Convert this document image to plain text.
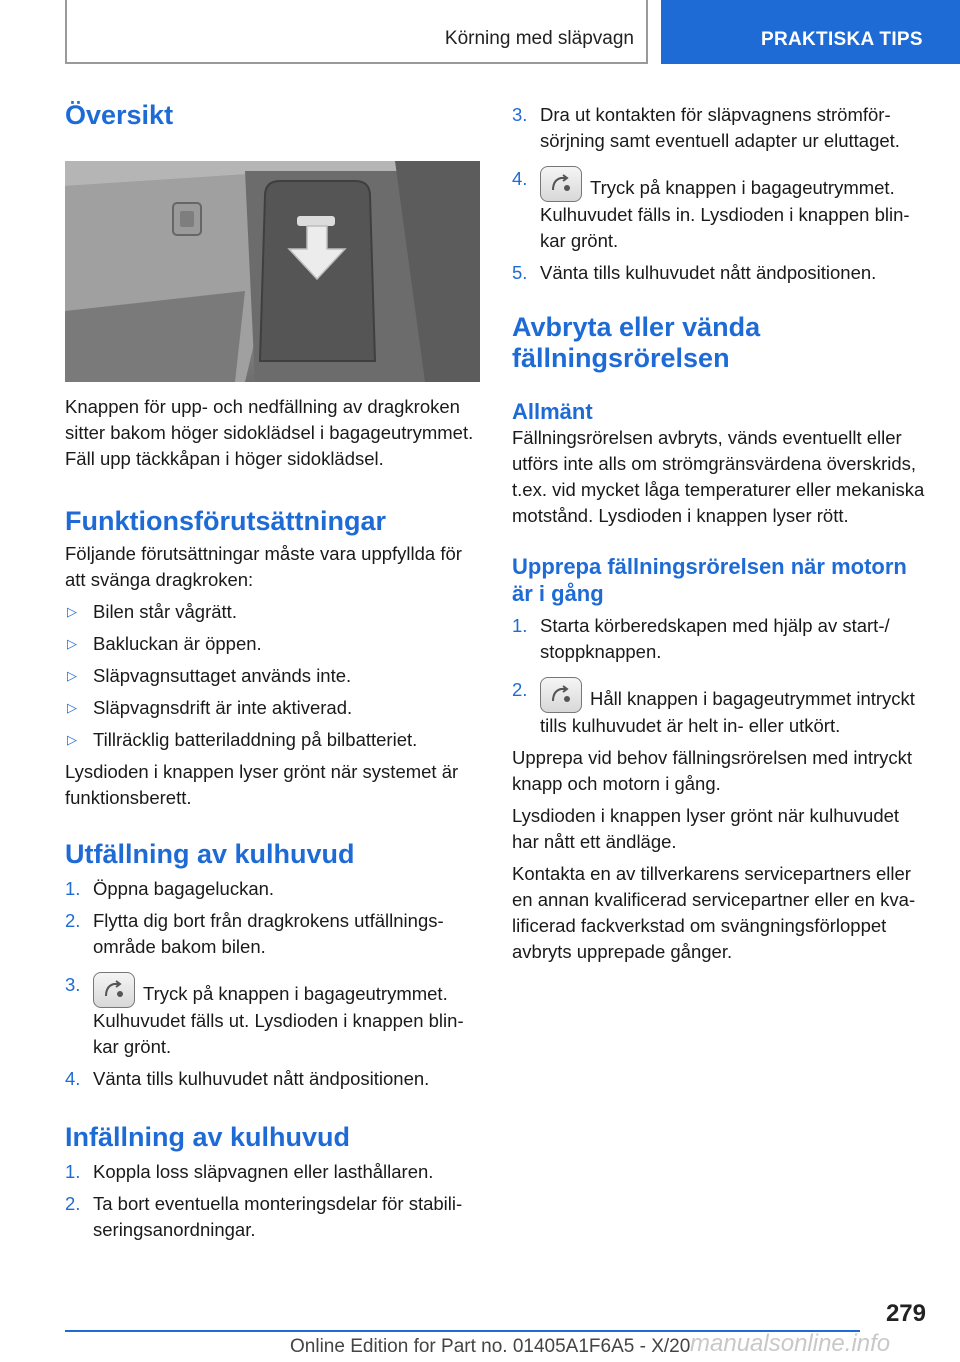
Körning med släpvagn	PRAKTISKA TIPS
Översikt

Knappen för upp- och nedfällning av dragkroken sitter bakom höger sidoklädsel i bagageutrymmet. Fäll upp täckkåpan i höger sidoklädsel.

Funktionsförutsättningar

Följande förutsättningar måste vara uppfyllda för att svänga dragkroken:

▷ Bilen står vågrätt.
▷ Bakluckan är öppen.
▷ Släpvagnsuttaget används inte.
▷ Släpvagnsdrift är inte aktiverad.
▷ Tillräcklig batteriladdning på bilbatteriet.

Lysdioden i knappen lyser grönt när systemet är funktionsberett.

Utfällning av kulhuvud
1. Öppna bagageluckan.
2. Flytta dig bort från dragkrokens utfällningsområde bakom bilen.
3.	Tryck på knappen i bagageutrymmet.
Kulhuvudet fälls ut. Lysdioden i knappen blinkar grönt.
4. Vänta tills kulhuvudet nått ändpositionen.
Infällning av kulhuvud
1. Koppla loss släpvagnen eller lasthållaren.
2. Ta bort eventuella monteringsdelar för stabiliseringsanordningar.
3. Dra ut kontakten för släpvagnens strömförsörjning samt eventuell adapter ur eluttaget.
4.	Tryck på knappen i bagageutrymmet.
Kulhuvudet fälls in. Lysdioden i knappen blinkar grönt.
5. Vänta tills kulhuvudet nått ändpositionen.
Avbryta eller vända fällningsrörelsen
Allmänt

Fällningsrörelsen avbryts, vänds eventuellt eller utförs inte alls om strömgränsvärdena överskrids, t.ex. vid mycket låga temperaturer eller mekaniska motstånd. Lysdioden i knappen lyser rött.

Upprepa fällningsrörelsen när motorn är i gång
1. Starta körberedskapen med hjälp av start-/ stoppknappen.
2.	Håll knappen i bagageutrymmet intryckt tills kulhuvudet är helt in- eller utkört.

Upprepa vid behov fällningsrörelsen med intryckt knapp och motorn i gång.

Lysdioden i knappen lyser grönt när kulhuvudet har nått ett ändläge.

Kontakta en av tillverkarens servicepartners eller en annan kvalificerad servicepartner eller en kvalificerad fackverkstad om svängningsförloppet avbryts upprepade gånger.

279
Online Edition for Part no. 01405A1F6A5 - X/20 manualsonline.info
